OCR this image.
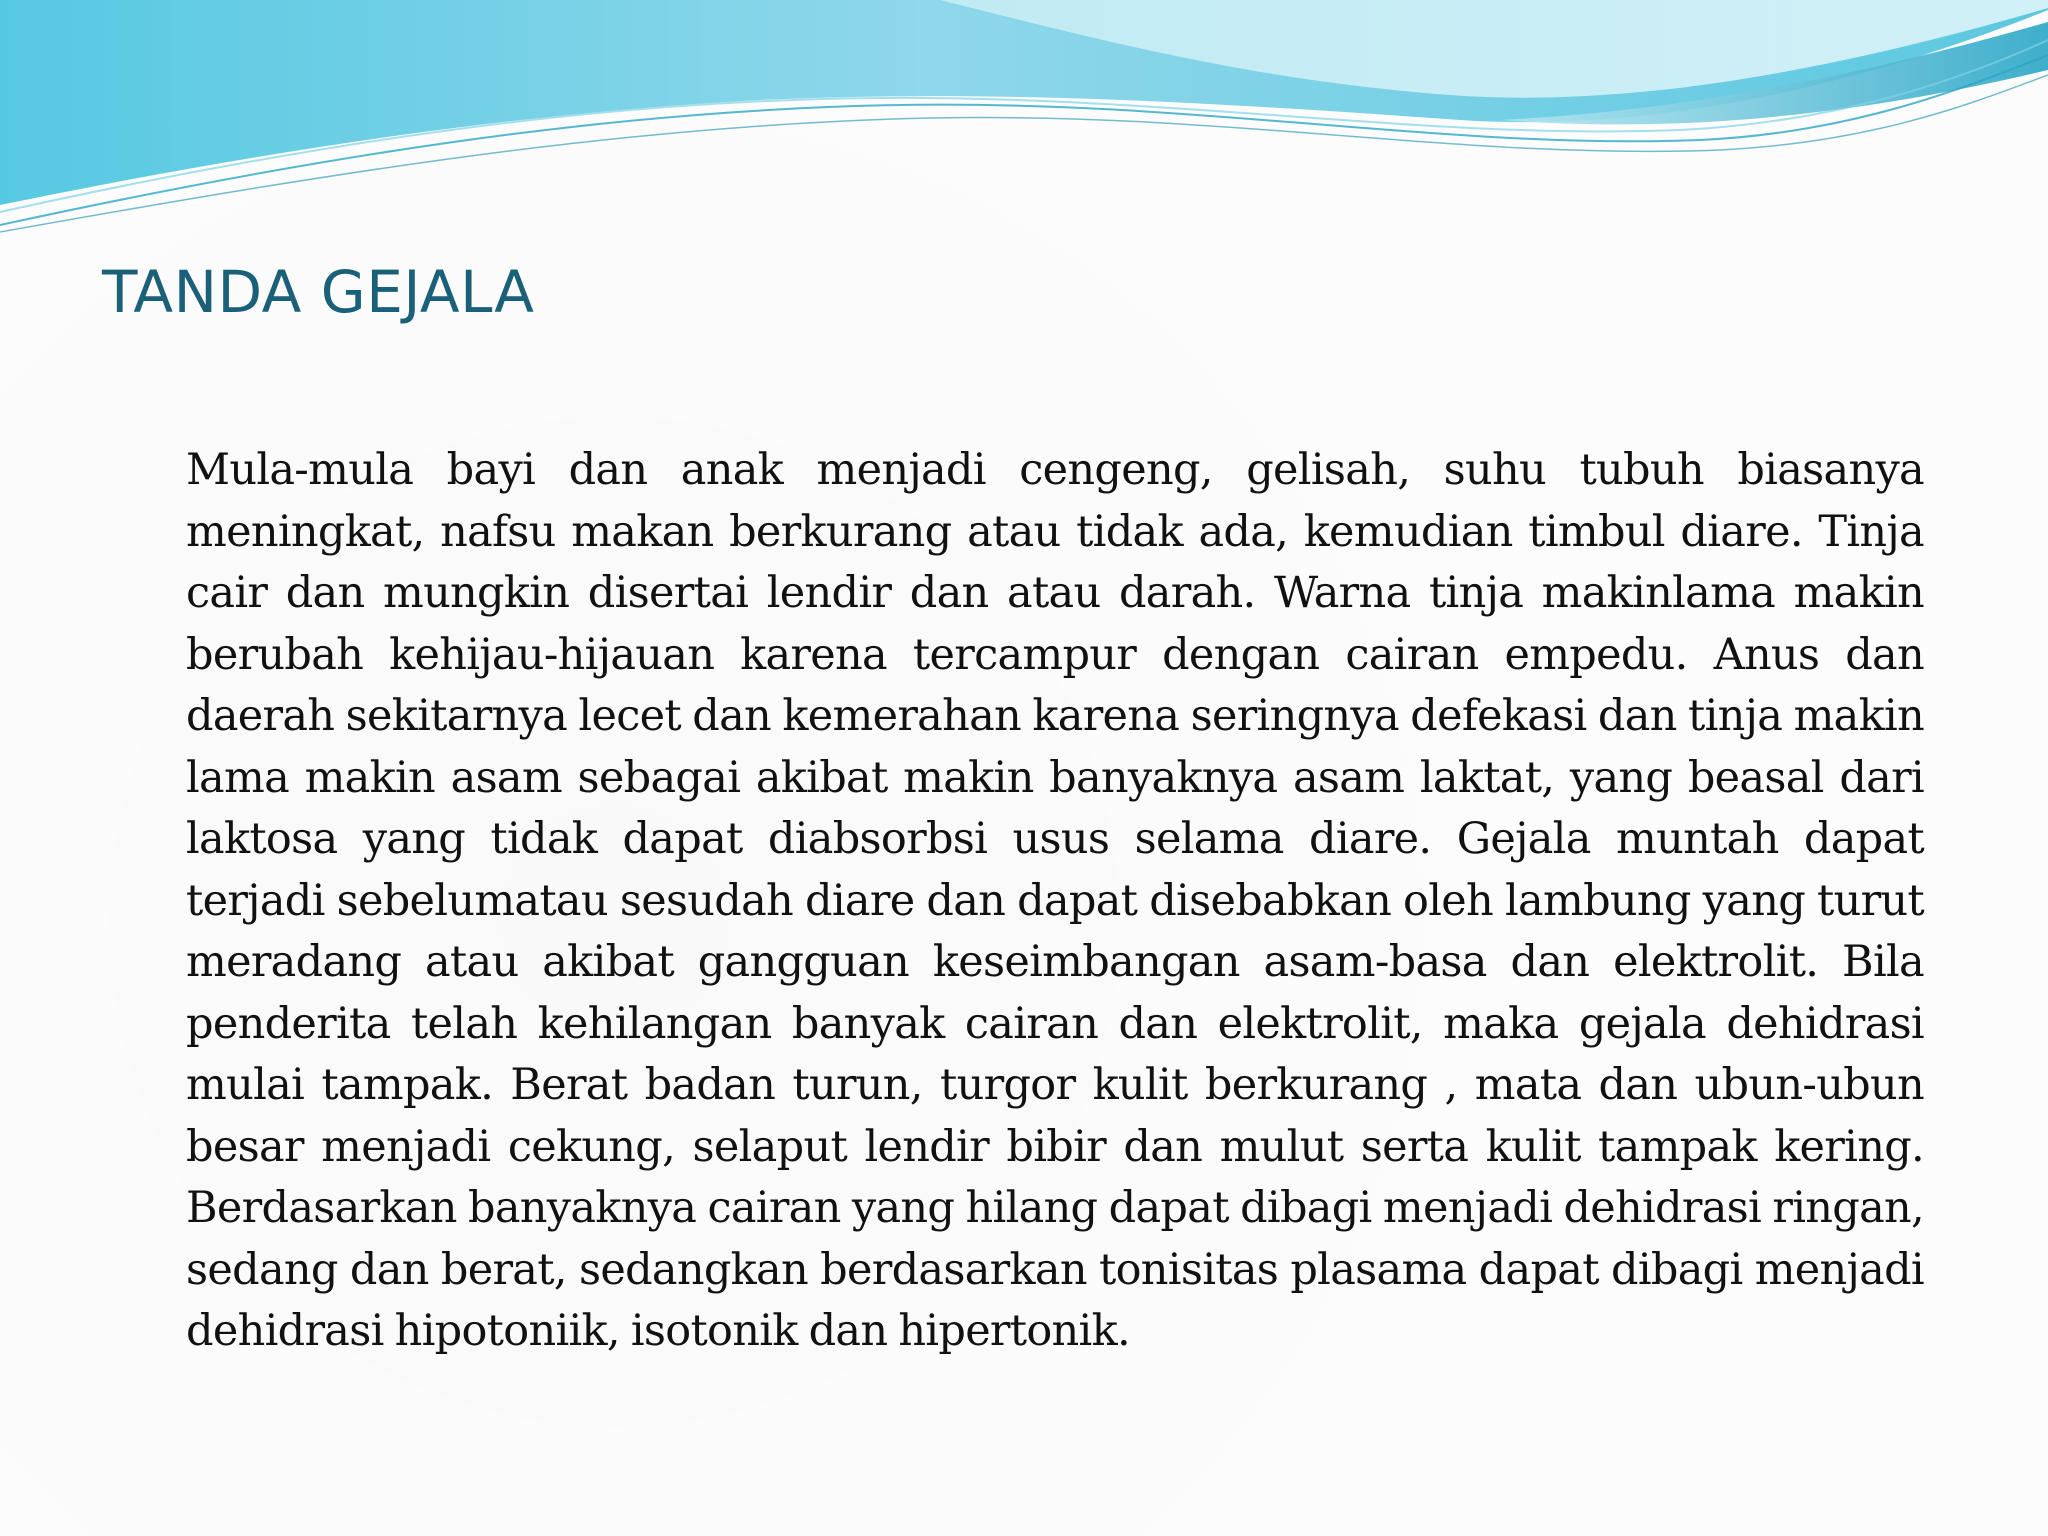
TANDA GEJALA

Mula-mula bayi dan anak menjadi cengeng, gelisah, suhu tubuh biasanya meningkat, nafsu makan berkurang atau tidak ada, kemudian timbul diare. Tinja cair dan mungkin disertai lendir dan atau darah. Warna tinja makinlama makin berubah kehijau-hijauan karena tercampur dengan cairan empedu. Anus dan daerah sekitarnya lecet dan kemerahan karena seringnya defekasi dan tinja makin lama makin asam sebagai akibat makin banyaknya asam laktat, yang beasal dari laktosa yang tidak dapat diabsorbsi usus selama diare. Gejala muntah dapat terjadi sebelumatau sesudah diare dan dapat disebabkan oleh lambung yang turut meradang atau akibat gangguan keseimbangan asam-basa dan elektrolit. Bila penderita telah kehilangan banyak cairan dan elektrolit, maka gejala dehidrasi mulai tampak. Berat badan turun, turgor kulit berkurang , mata dan ubun-ubun besar menjadi cekung, selaput lendir bibir dan mulut serta kulit tampak kering. Berdasarkan banyaknya cairan yang hilang dapat dibagi menjadi dehidrasi ringan, sedang dan berat, sedangkan berdasarkan tonisitas plasama dapat dibagi menjadi dehidrasi hipotoniik, isotonik dan hipertonik.
